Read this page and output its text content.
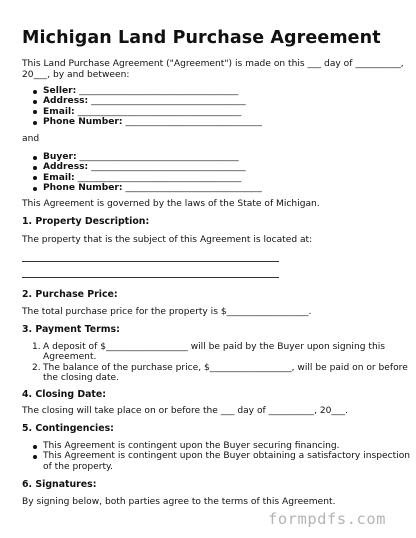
Michigan Land Purchase Agreement
This Land Purchase Agreement ("Agreement") is made on this ___ day of __________,
20___, by and between:
Seller: ___________________________________
Address: __________________________________
Email: ____________________________________
Phone Number: ______________________________
and
Buyer: ___________________________________
Address: __________________________________
Email: ____________________________________
Phone Number: ______________________________
This Agreement is governed by the laws of the State of Michigan.
1. Property Description:
The property that is the subject of this Agreement is located at:
2. Purchase Price:
The total purchase price for the property is $__________________.
3. Payment Terms:
1. A deposit of $__________________ will be paid by the Buyer upon signing this Agreement.
2. The balance of the purchase price, $__________________, will be paid on or before the closing date.
4. Closing Date:
The closing will take place on or before the ___ day of __________, 20___.
5. Contingencies:
This Agreement is contingent upon the Buyer securing financing.
This Agreement is contingent upon the Buyer obtaining a satisfactory inspection of the property.
6. Signatures:
By signing below, both parties agree to the terms of this Agreement.
formpdfs.com
